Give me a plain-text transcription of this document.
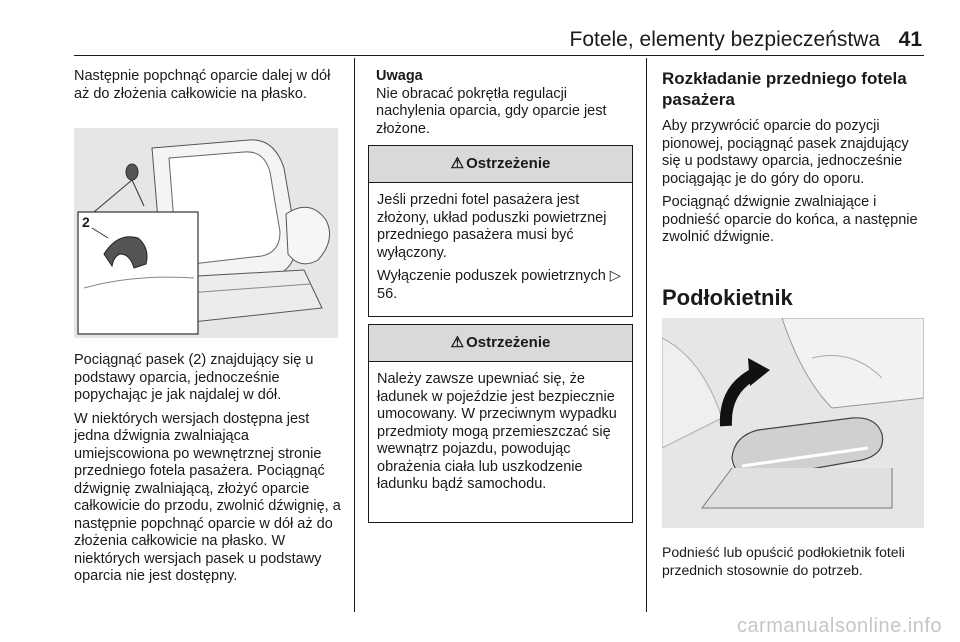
Fotele, elementy bezpieczeństwa 41

Następnie popchnąć oparcie dalej w dół aż do złożenia całkowicie na płasko.

2

Pociągnąć pasek (2) znajdujący się u podstawy oparcia, jednocześnie popychając je jak najdalej w dół.

W niektórych wersjach dostępna jest jedna dźwignia zwalniająca umiejscowiona po wewnętrznej stronie przedniego fotela pasażera. Pociągnąć dźwignię zwalniającą, złożyć oparcie całkowicie do przodu, zwolnić dźwignię, a następnie popchnąć oparcie w dół aż do złożenia całkowicie na płasko. W niektórych wersjach pasek u podstawy oparcia nie jest dostępny.

Uwaga
Nie obracać pokrętła regulacji nachylenia oparcia, gdy oparcie jest złożone.
⚠ Ostrzeżenie

Jeśli przedni fotel pasażera jest złożony, układ poduszki powietrznej przedniego pasażera musi być wyłączony.

Wyłączenie poduszek powietrznych ▷ 56.

⚠ Ostrzeżenie

Należy zawsze upewniać się, że ładunek w pojeździe jest bezpiecznie umocowany. W przeciwnym wypadku przedmioty mogą przemieszczać się wewnątrz pojazdu, powodując obrażenia ciała lub uszkodzenie ładunku bądź samochodu.

Rozkładanie przedniego fotela pasażera

Aby przywrócić oparcie do pozycji pionowej, pociągnąć pasek znajdujący się u podstawy oparcia, jednocześnie pociągając je do góry do oporu.

Pociągnąć dźwignie zwalniające i podnieść oparcie do końca, a następnie zwolnić dźwignie.

Podłokietnik
Podnieść lub opuścić podłokietnik foteli przednich stosownie do potrzeb.
carmanualsonline.info
